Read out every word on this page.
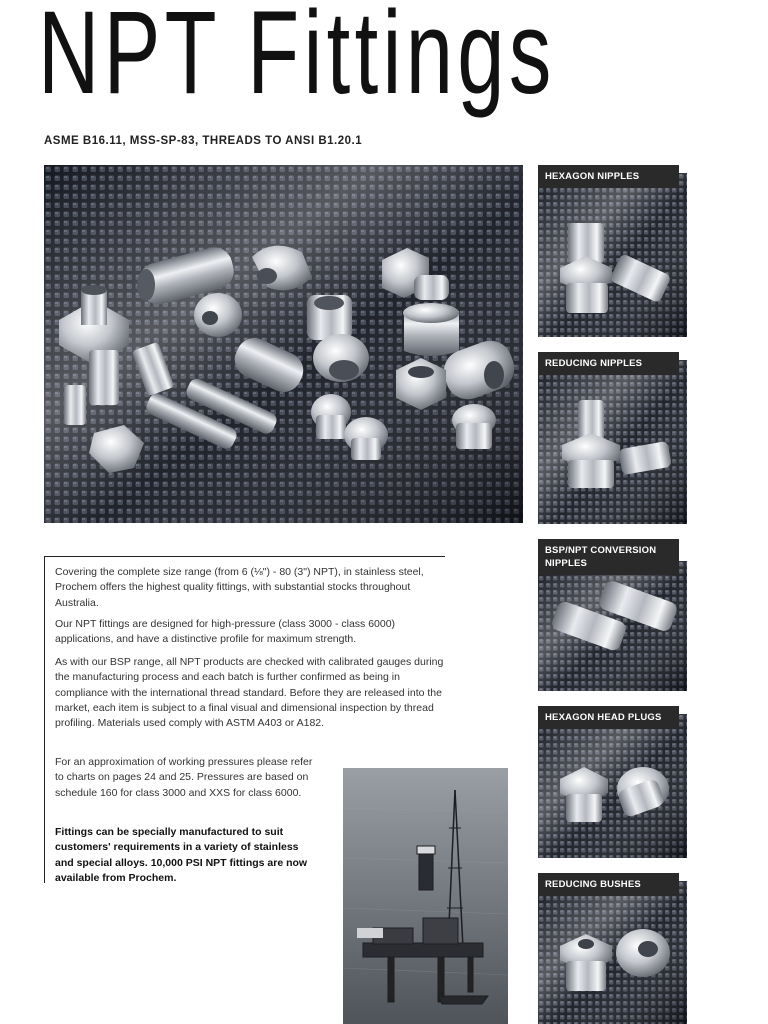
NPT Fittings
ASME B16.11, MSS-SP-83, THREADS TO ANSI B1.20.1
HEXAGON NIPPLES
REDUCING NIPPLES
BSP/NPT CONVERSION NIPPLES
HEXAGON HEAD PLUGS
REDUCING BUSHES

Covering the complete size range (from 6 (⅛") - 80 (3") NPT), in stainless steel, Prochem offers the highest quality fittings, with substantial stocks throughout Australia.

Our NPT fittings are designed for high-pressure (class 3000 - class 6000) applications, and have a distinctive profile for maximum strength.

As with our BSP range, all NPT products are checked with calibrated gauges during the manufacturing process and each batch is further confirmed as being in compliance with the international thread standard. Before they are released into the market, each item is subject to a final visual and dimensional inspection by thread profiling. Materials used comply with ASTM A403 or A182.

For an approximation of working pressures please refer to charts on pages 24 and 25. Pressures are based on schedule 160 for class 3000 and XXS for class 6000.

Fittings can be specially manufactured to suit customers' requirements in a variety of stainless and special alloys. 10,000 PSI NPT fittings are now available from Prochem.
